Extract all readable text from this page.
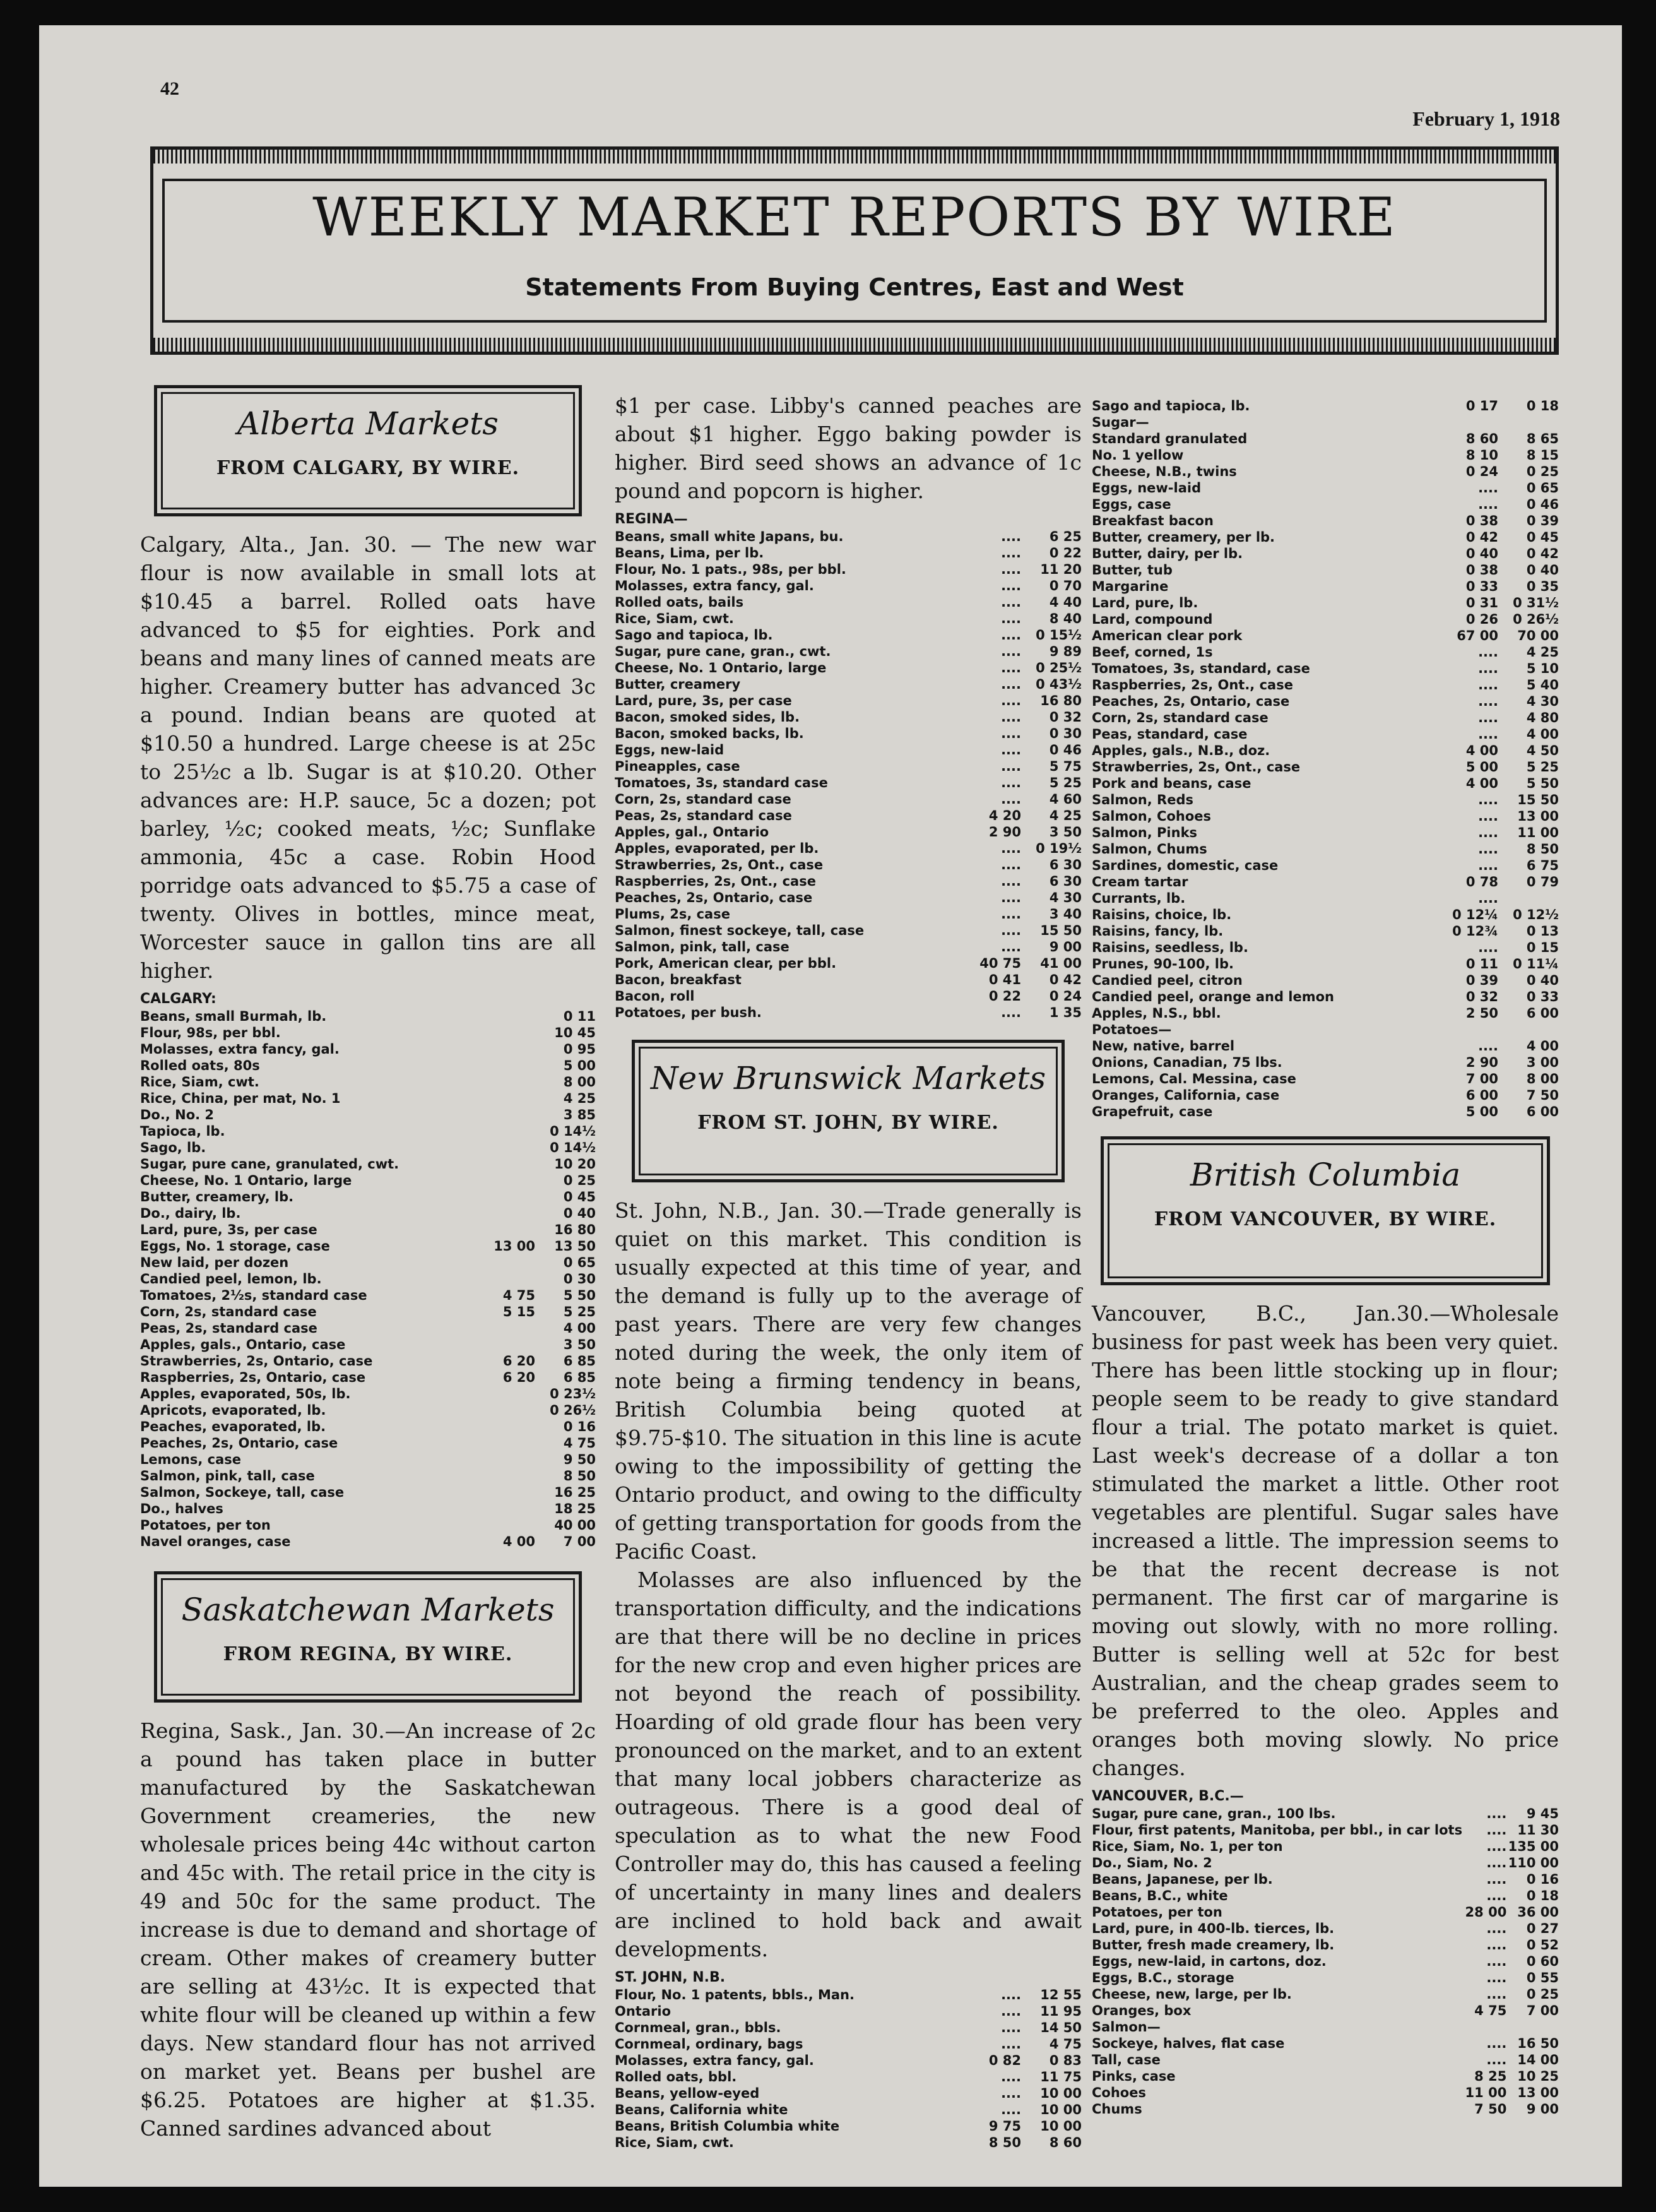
42
February 1, 1918
WEEKLY MARKET REPORTS BY WIRE
Statements From Buying Centres, East and West
Alberta Markets
FROM CALGARY, BY WIRE.

Calgary, Alta., Jan. 30. — The new war flour is now available in small lots at $10.45 a barrel. Rolled oats have advanced to $5 for eighties. Pork and beans and many lines of canned meats are higher. Creamery butter has advanced 3c a pound. Indian beans are quoted at $10.50 a hundred. Large cheese is at 25c to 25½c a lb. Sugar is at $10.20. Other advances are: H.P. sauce, 5c a dozen; pot barley, ½c; cooked meats, ½c; Sunflake ammonia, 45c a case. Robin Hood porridge oats advanced to $5.75 a case of twenty. Olives in bottles, mince meat, Worcester sauce in gallon tins are all higher.

CALGARY:
Beans, small Burmah, lb.		0 11
Flour, 98s, per bbl.		10 45
Molasses, extra fancy, gal.		0 95
Rolled oats, 80s		5 00
Rice, Siam, cwt.		8 00
Rice, China, per mat, No. 1		4 25
Do., No. 2		3 85
Tapioca, lb.		0 14½
Sago, lb.		0 14½
Sugar, pure cane, granulated, cwt.		10 20
Cheese, No. 1 Ontario, large		0 25
Butter, creamery, lb.		0 45
Do., dairy, lb.		0 40
Lard, pure, 3s, per case		16 80
Eggs, No. 1 storage, case	13 00	13 50
New laid, per dozen		0 65
Candied peel, lemon, lb.		0 30
Tomatoes, 2½s, standard case	4 75	5 50
Corn, 2s, standard case	5 15	5 25
Peas, 2s, standard case		4 00
Apples, gals., Ontario, case		3 50
Strawberries, 2s, Ontario, case	6 20	6 85
Raspberries, 2s, Ontario, case	6 20	6 85
Apples, evaporated, 50s, lb.		0 23½
Apricots, evaporated, lb.		0 26½
Peaches, evaporated, lb.		0 16
Peaches, 2s, Ontario, case		4 75
Lemons, case		9 50
Salmon, pink, tall, case		8 50
Salmon, Sockeye, tall, case		16 25
Do., halves		18 25
Potatoes, per ton		40 00
Navel oranges, case	4 00	7 00
Saskatchewan Markets
FROM REGINA, BY WIRE.

Regina, Sask., Jan. 30.—An increase of 2c a pound has taken place in butter manufactured by the Saskatchewan Government creameries, the new wholesale prices being 44c without carton and 45c with. The retail price in the city is 49 and 50c for the same product. The increase is due to demand and shortage of cream. Other makes of creamery butter are selling at 43½c. It is expected that white flour will be cleaned up within a few days. New standard flour has not arrived on market yet. Beans per bushel are $6.25. Potatoes are higher at $1.35. Canned sardines advanced about

$1 per case. Libby's canned peaches are about $1 higher. Eggo baking powder is higher. Bird seed shows an advance of 1c pound and popcorn is higher.

REGINA—
Beans, small white Japans, bu.	....	6 25
Beans, Lima, per lb.	....	0 22
Flour, No. 1 pats., 98s, per bbl.	....	11 20
Molasses, extra fancy, gal.	....	0 70
Rolled oats, bails	....	4 40
Rice, Siam, cwt.	....	8 40
Sago and tapioca, lb.	....	0 15½
Sugar, pure cane, gran., cwt.	....	9 89
Cheese, No. 1 Ontario, large	....	0 25½
Butter, creamery	....	0 43½
Lard, pure, 3s, per case	....	16 80
Bacon, smoked sides, lb.	....	0 32
Bacon, smoked backs, lb.	....	0 30
Eggs, new-laid	....	0 46
Pineapples, case	....	5 75
Tomatoes, 3s, standard case	....	5 25
Corn, 2s, standard case	....	4 60
Peas, 2s, standard case	4 20	4 25
Apples, gal., Ontario	2 90	3 50
Apples, evaporated, per lb.	....	0 19½
Strawberries, 2s, Ont., case	....	6 30
Raspberries, 2s, Ont., case	....	6 30
Peaches, 2s, Ontario, case	....	4 30
Plums, 2s, case	....	3 40
Salmon, finest sockeye, tall, case	....	15 50
Salmon, pink, tall, case	....	9 00
Pork, American clear, per bbl.	40 75	41 00
Bacon, breakfast	0 41	0 42
Bacon, roll	0 22	0 24
Potatoes, per bush.	....	1 35
New Brunswick Markets
FROM ST. JOHN, BY WIRE.

St. John, N.B., Jan. 30.—Trade generally is quiet on this market. This condition is usually expected at this time of year, and the demand is fully up to the average of past years. There are very few changes noted during the week, the only item of note being a firming tendency in beans, British Columbia being quoted at $9.75-$10. The situation in this line is acute owing to the impossibility of getting the Ontario product, and owing to the difficulty of getting transportation for goods from the Pacific Coast.

Molasses are also influenced by the transportation difficulty, and the indications are that there will be no decline in prices for the new crop and even higher prices are not beyond the reach of possibility. Hoarding of old grade flour has been very pronounced on the market, and to an extent that many local jobbers characterize as outrageous. There is a good deal of speculation as to what the new Food Controller may do, this has caused a feeling of uncertainty in many lines and dealers are inclined to hold back and await developments.

ST. JOHN, N.B.
Flour, No. 1 patents, bbls., Man.	....	12 55
Ontario	....	11 95
Cornmeal, gran., bbls.	....	14 50
Cornmeal, ordinary, bags	....	4 75
Molasses, extra fancy, gal.	0 82	0 83
Rolled oats, bbl.	....	11 75
Beans, yellow-eyed	....	10 00
Beans, California white	....	10 00
Beans, British Columbia white	9 75	10 00
Rice, Siam, cwt.	8 50	8 60
Sago and tapioca, lb.	0 17	0 18
Sugar—		
Standard granulated	8 60	8 65
No. 1 yellow	8 10	8 15
Cheese, N.B., twins	0 24	0 25
Eggs, new-laid	....	0 65
Eggs, case	....	0 46
Breakfast bacon	0 38	0 39
Butter, creamery, per lb.	0 42	0 45
Butter, dairy, per lb.	0 40	0 42
Butter, tub	0 38	0 40
Margarine	0 33	0 35
Lard, pure, lb.	0 31	0 31½
Lard, compound	0 26	0 26½
American clear pork	67 00	70 00
Beef, corned, 1s	....	4 25
Tomatoes, 3s, standard, case	....	5 10
Raspberries, 2s, Ont., case	....	5 40
Peaches, 2s, Ontario, case	....	4 30
Corn, 2s, standard case	....	4 80
Peas, standard, case	....	4 00
Apples, gals., N.B., doz.	4 00	4 50
Strawberries, 2s, Ont., case	5 00	5 25
Pork and beans, case	4 00	5 50
Salmon, Reds	....	15 50
Salmon, Cohoes	....	13 00
Salmon, Pinks	....	11 00
Salmon, Chums	....	8 50
Sardines, domestic, case	....	6 75
Cream tartar	0 78	0 79
Currants, lb.	....	
Raisins, choice, lb.	0 12¼	0 12½
Raisins, fancy, lb.	0 12¾	0 13
Raisins, seedless, lb.	....	0 15
Prunes, 90-100, lb.	0 11	0 11¼
Candied peel, citron	0 39	0 40
Candied peel, orange and lemon	0 32	0 33
Apples, N.S., bbl.	2 50	6 00
Potatoes—		
New, native, barrel	....	4 00
Onions, Canadian, 75 lbs.	2 90	3 00
Lemons, Cal. Messina, case	7 00	8 00
Oranges, California, case	6 00	7 50
Grapefruit, case	5 00	6 00
British Columbia
FROM VANCOUVER, BY WIRE.

Vancouver, B.C., Jan.30.—Wholesale business for past week has been very quiet. There has been little stocking up in flour; people seem to be ready to give standard flour a trial. The potato market is quiet. Last week's decrease of a dollar a ton stimulated the market a little. Other root vegetables are plentiful. Sugar sales have increased a little. The impression seems to be that the recent decrease is not permanent. The first car of margarine is moving out slowly, with no more rolling. Butter is selling well at 52c for best Australian, and the cheap grades seem to be preferred to the oleo. Apples and oranges both moving slowly. No price changes.

VANCOUVER, B.C.—
Sugar, pure cane, gran., 100 lbs.	....	9 45
Flour, first patents, Manitoba, per bbl., in car lots	....	11 30
Rice, Siam, No. 1, per ton	....	135 00
Do., Siam, No. 2	....	110 00
Beans, Japanese, per lb.	....	0 16
Beans, B.C., white	....	0 18
Potatoes, per ton	28 00	36 00
Lard, pure, in 400-lb. tierces, lb.	....	0 27
Butter, fresh made creamery, lb.	....	0 52
Eggs, new-laid, in cartons, doz.	....	0 60
Eggs, B.C., storage	....	0 55
Cheese, new, large, per lb.	....	0 25
Oranges, box	4 75	7 00
Salmon—		
Sockeye, halves, flat case	....	16 50
Tall, case	....	14 00
Pinks, case	8 25	10 25
Cohoes	11 00	13 00
Chums	7 50	9 00
